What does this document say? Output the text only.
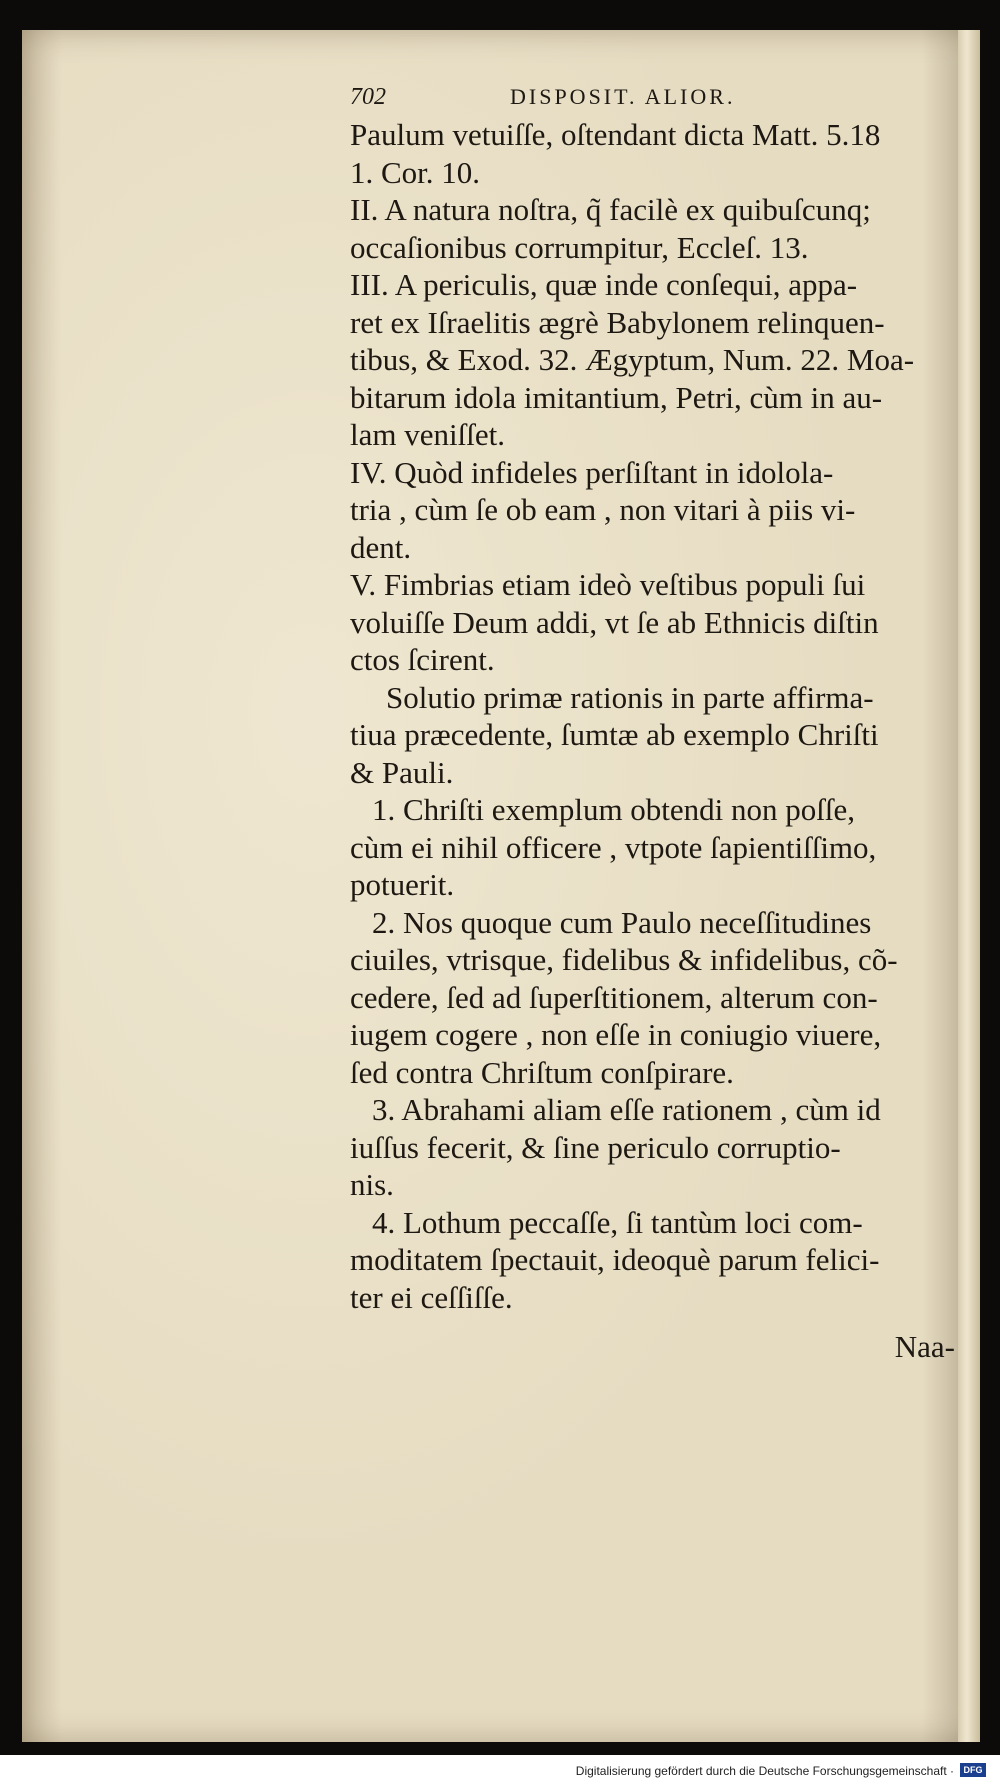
702	DISPOSIT. ALIOR.
Paulum vetuiſſe, oſtendant dicta Matt. 5.18
1. Cor. 10.
II. A natura noſtra, q̃ facilè ex quibuſcunq;
occaſionibus corrumpitur, Eccleſ. 13.
III. A periculis, quæ inde conſequi, appa-
ret ex Iſraelitis ægrè Babylonem relinquen-
tibus, & Exod. 32. Ægyptum, Num. 22. Moa-
bitarum idola imitantium, Petri, cùm in au-
lam veniſſet.
IV. Quòd infideles perſiſtant in idolola-
tria , cùm ſe ob eam , non vitari à piis vi-
dent.
V. Fimbrias etiam ideò veſtibus populi ſui
voluiſſe Deum addi, vt ſe ab Ethnicis diſtin
ctos ſcirent.
Solutio primæ rationis in parte affirma-
tiua præcedente, ſumtæ ab exemplo Chriſti
& Pauli.
1. Chriſti exemplum obtendi non poſſe,
cùm ei nihil officere , vtpote ſapientiſſimo,
potuerit.
2. Nos quoque cum Paulo neceſſitudines
ciuiles, vtrisque, fidelibus & infidelibus, cõ-
cedere, ſed ad ſuperſtitionem, alterum con-
iugem cogere , non eſſe in coniugio viuere,
ſed contra Chriſtum conſpirare.
3. Abrahami aliam eſſe rationem , cùm id
iuſſus fecerit, & ſine periculo corruptio-
nis.
4. Lothum peccaſſe, ſi tantùm loci com-
moditatem ſpectauit, ideoquè parum felici-
ter ei ceſſiſſe.
Naa-
Digitalisierung gefördert durch die Deutsche Forschungsgemeinschaft ·	DFG
